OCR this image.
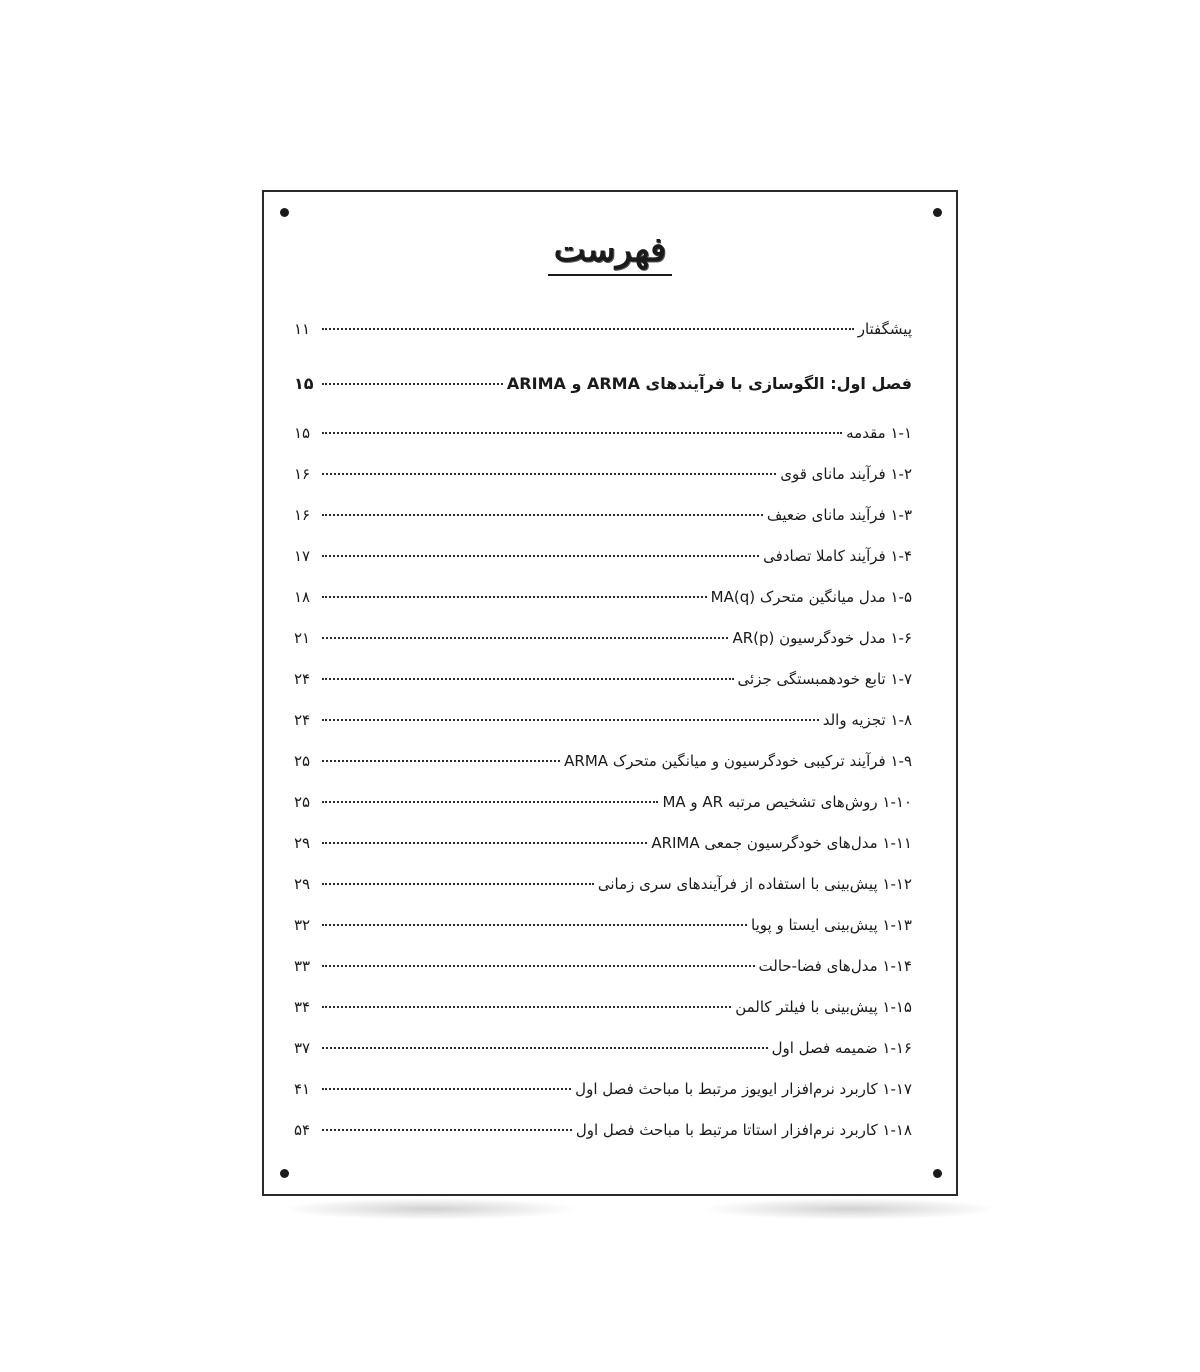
فهرست
پیشگفتار
۱۱
فصل اول: الگوسازی با فرآیندهای ARMA و ARIMA
۱۵
۱-۱ مقدمه
۱۵
۱-۲ فرآیند مانای قوی
۱۶
۱-۳ فرآیند مانای ضعیف
۱۶
۱-۴ فرآیند کاملا تصادفی
۱۷
۱-۵ مدل میانگین متحرک (MA(q
۱۸
۱-۶ مدل خودگرسیون (AR(p
۲۱
۱-۷ تابع خودهمبستگی جزئی
۲۴
۱-۸ تجزیه والد
۲۴
۱-۹ فرآیند ترکیبی خودگرسیون و میانگین متحرک ARMA
۲۵
۱-۱۰ روش‌های تشخیص مرتبه AR و MA
۲۵
۱-۱۱ مدل‌های خودگرسیون جمعی ARIMA
۲۹
۱-۱۲ پیش‌بینی با استفاده از فرآیندهای سری زمانی
۲۹
۱-۱۳ پیش‌بینی ایستا و پویا
۳۲
۱-۱۴ مدل‌های فضا-حالت
۳۳
۱-۱۵ پیش‌بینی با فیلتر کالمن
۳۴
۱-۱۶ ضمیمه فصل اول
۳۷
۱-۱۷ کاربرد نرم‌افزار ایویوز مرتبط با مباحث فصل اول
۴۱
۱-۱۸ کاربرد نرم‌افزار استاتا مرتبط با مباحث فصل اول
۵۴
